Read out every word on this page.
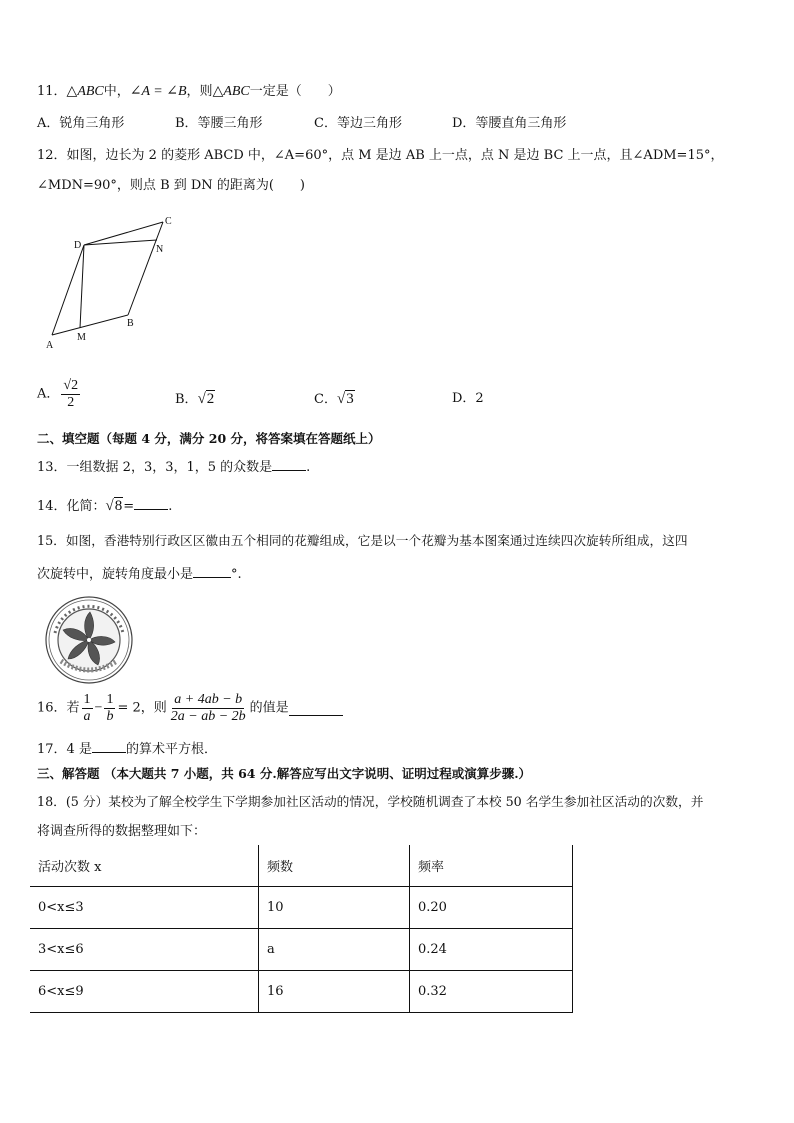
11．△ABC中，∠A = ∠B，则△ABC一定是（　　）
A．锐角三角形	B．等腰三角形	C．等边三角形	D．等腰直角三角形
12．如图，边长为 2 的菱形 ABCD 中，∠A=60°，点 M 是边 AB 上一点，点 N 是边 BC 上一点，且∠ADM=15°，
∠MDN=90°，则点 B 到 DN 的距离为(　　)
A
M
B
D	N
C
A． $\frac{√2}{2}$	B．√2	C．√3	D．2
二、填空题（每题 4 分，满分 20 分，将答案填在答题纸上）
13．一组数据 2，3，3，1，5 的众数是	.
14．化简：√8=	.
15．如图，香港特别行政区区徽由五个相同的花瓣组成，它是以一个花瓣为基本图案通过连续四次旋转所组成，这四
次旋转中，旋转角度最小是	°.
16．若 $\frac{1}{a} - \frac{1}{b} = 2$，则 $\frac{a + 4ab - b}{2a - ab - 2b}$ 的值是
17．4 是	的算术平方根．
三、解答题 （本大题共 7 小题，共 64 分.解答应写出文字说明、证明过程或演算步骤.）
18．(5 分）某校为了解全校学生下学期参加社区活动的情况，学校随机调查了本校 50 名学生参加社区活动的次数，并
将调查所得的数据整理如下：
活动次数 x	频数	频率
0<x≤3	10	0.20
3<x≤6	a	0.24
6<x≤9	16	0.32
